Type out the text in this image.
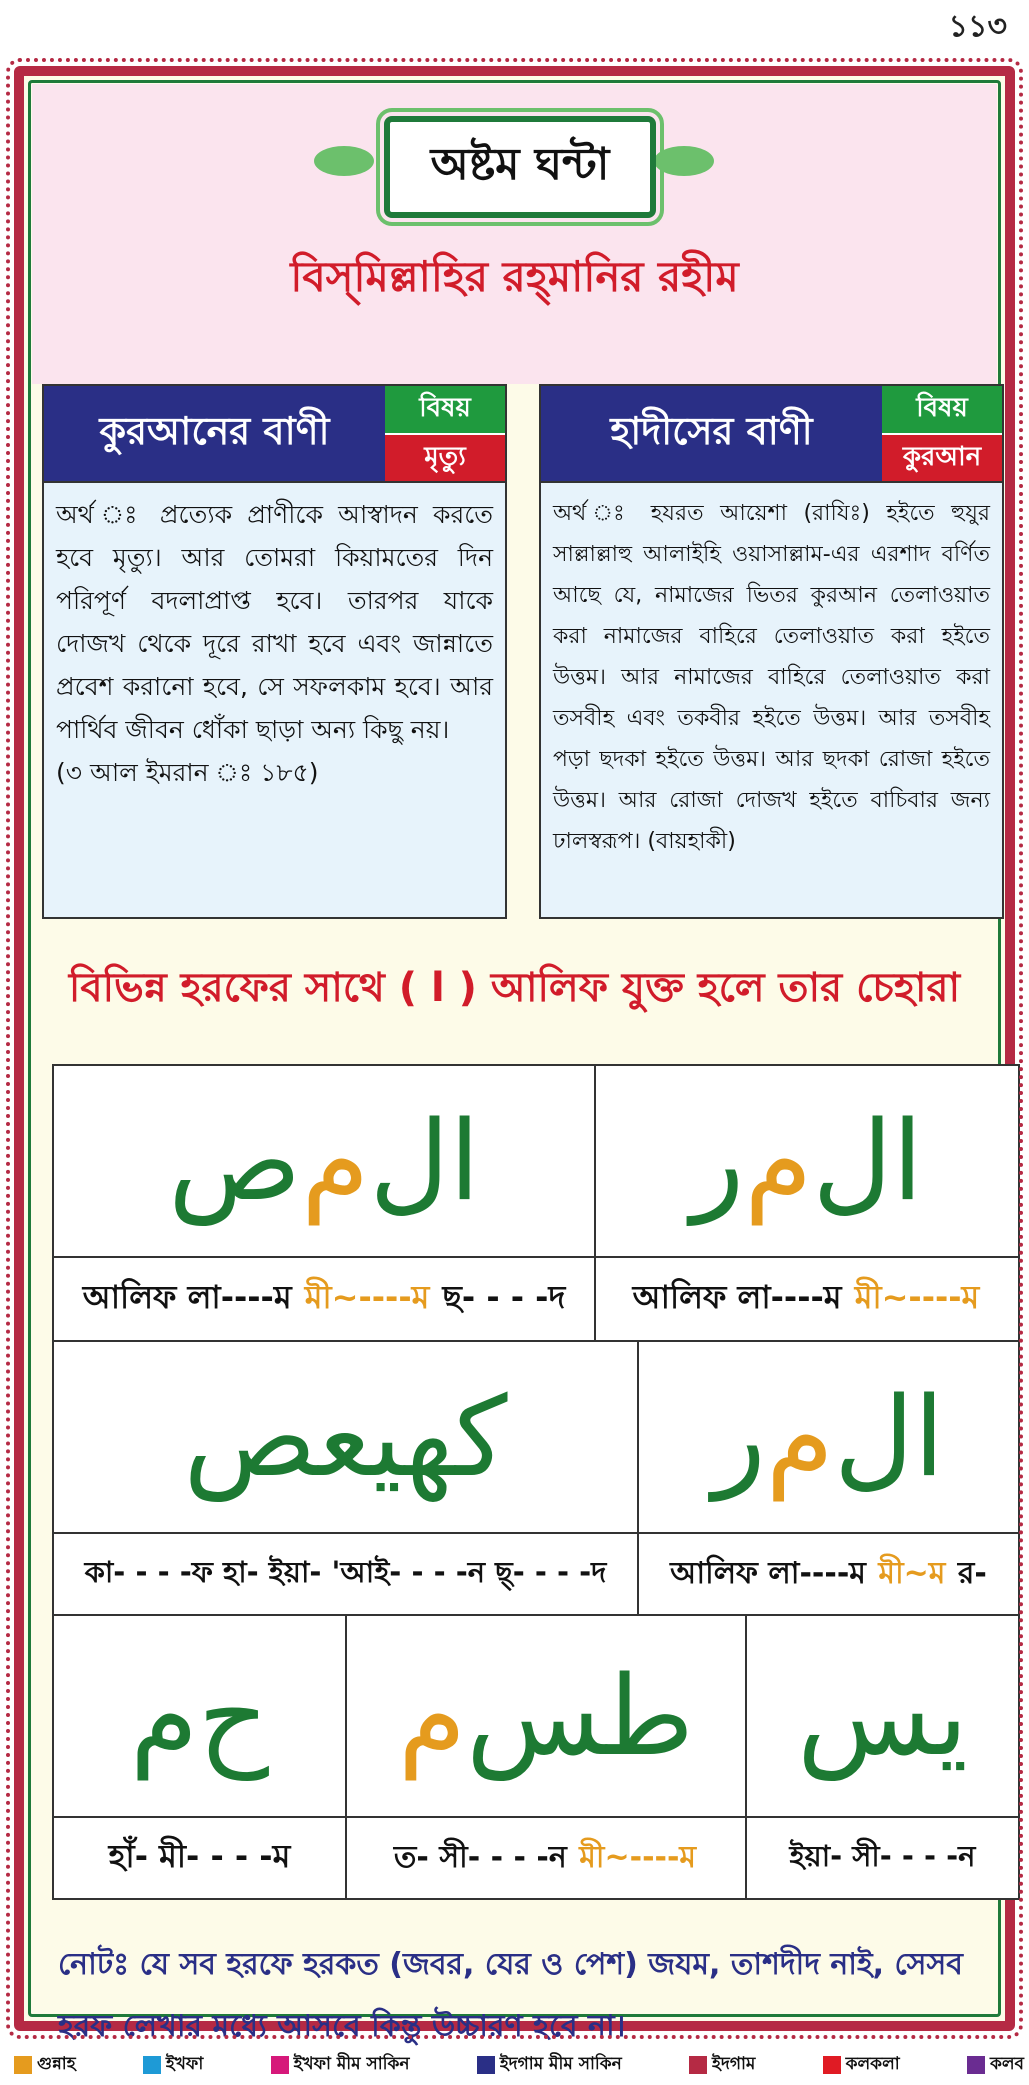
১১৩
অষ্টম ঘন্টা
বিস্‌মিল্লাহির রহ্‌মানির রহীম
কুরআনের বাণী
বিষয়
মৃত্যু
অর্থ ঃ প্রত্যেক প্রাণীকে আস্বাদন করতে হবে মৃত্যু। আর তোমরা কিয়ামতের দিন পরিপূর্ণ বদলাপ্রাপ্ত হবে। তারপর যাকে দোজখ থেকে দূরে রাখা হবে এবং জান্নাতে প্রবেশ করানো হবে, সে সফলকাম হবে। আর পার্থিব জীবন ধোঁকা ছাড়া অন্য কিছু নয়।
(৩ আল ইমরান ঃ ১৮৫)
হাদীসের বাণী
বিষয়
কুরআন
অর্থ ঃ হযরত আয়েশা (রাযিঃ) হইতে হুযুর সাল্লাল্লাহু আলাইহি ওয়াসাল্লাম-এর এরশাদ বর্ণিত আছে যে, নামাজের ভিতর কুরআন তেলাওয়াত করা নামাজের বাহিরে তেলাওয়াত করা হইতে উত্তম। আর নামাজের বাহিরে তেলাওয়াত করা তসবীহ এবং তকবীর হইতে উত্তম। আর তসবীহ পড়া ছদকা হইতে উত্তম। আর ছদকা রোজা হইতে উত্তম। আর রোজা দোজখ হইতে বাচিবার জন্য ঢালস্বরূপ। (বায়হাকী)
বিভিন্ন হরফের সাথে ( ا ) আলিফ যুক্ত হলে তার চেহারা
ال
م
ص
আলিফ লা----ম
মী~----ম
ছ- - - -দ
ال
م
ر
আলিফ লা----ম
মী~----ম
كهيعص
কা- - - -ফ হা- ইয়া- 'আই- - - -ন ছ্‌- - - -দ
ال
م
ر
আলিফ লা----ম
মী~ম
র-
ح
م
হাঁ- মী- - - -ম
طس
م
ত- সী- - - -ন
মী~----ম
يس
ইয়া- সী- - - -ন
নোটঃ যে সব হরফে হরকত (জবর, যের ও পেশ) জযম, তাশদীদ নাই, সেসব হরফ লেখার মধ্যে আসবে কিন্তু উচ্চারণ হবে না।
গুন্নাহ	ইখফা	ইখফা মীম সাকিন	ইদগাম মীম সাকিন	ইদগাম	কলকলা	কলব
